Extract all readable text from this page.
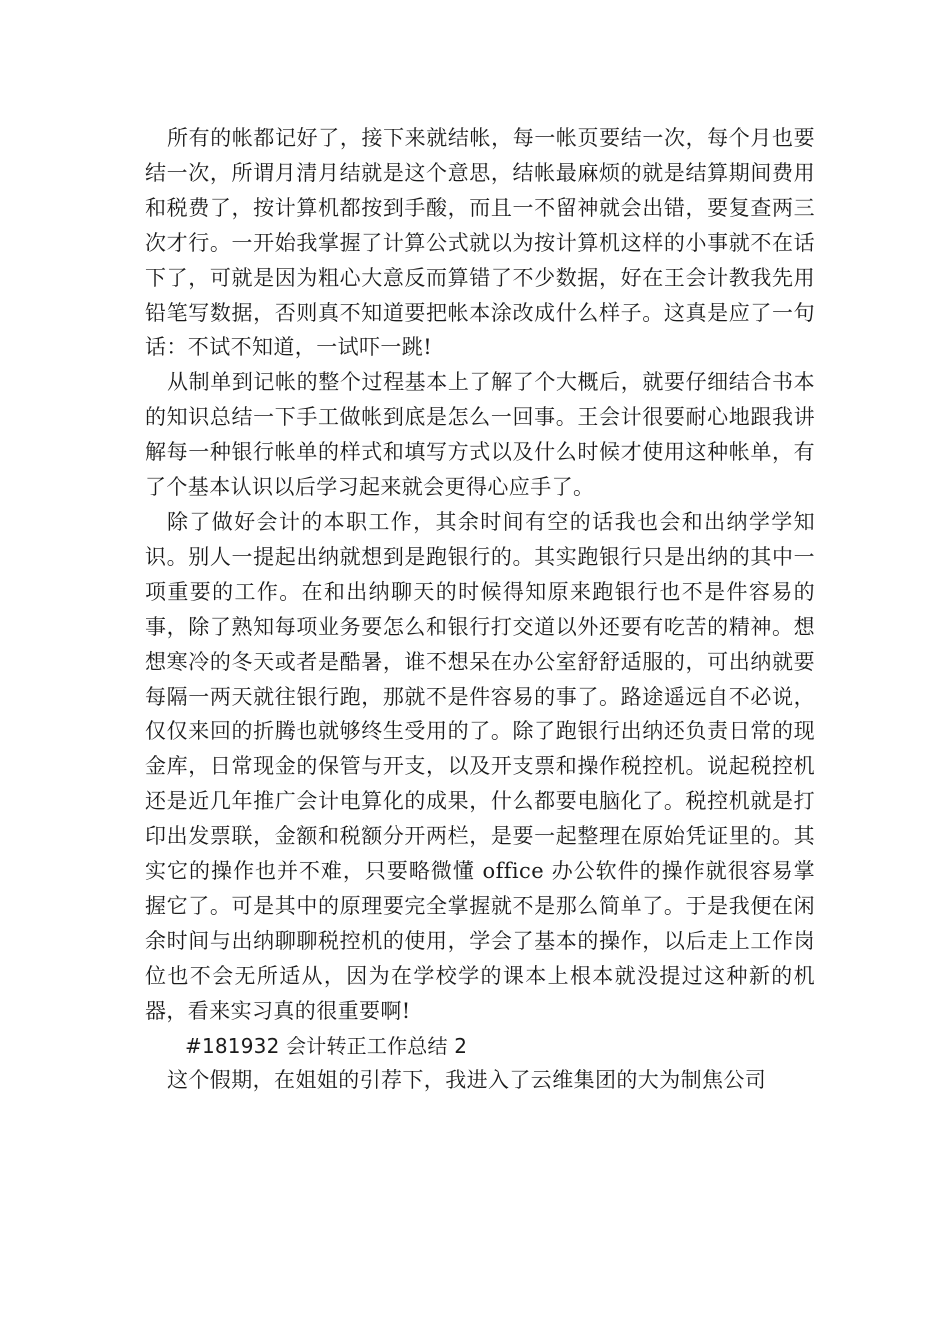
所有的帐都记好了，接下来就结帐，每一帐页要结一次，每个月也要结一次，所谓月清月结就是这个意思，结帐最麻烦的就是结算期间费用和税费了，按计算机都按到手酸，而且一不留神就会出错，要复查两三次才行。一开始我掌握了计算公式就以为按计算机这样的小事就不在话下了，可就是因为粗心大意反而算错了不少数据，好在王会计教我先用铅笔写数据，否则真不知道要把帐本涂改成什么样子。这真是应了一句话：不试不知道，一试吓一跳!

从制单到记帐的整个过程基本上了解了个大概后，就要仔细结合书本的知识总结一下手工做帐到底是怎么一回事。王会计很要耐心地跟我讲解每一种银行帐单的样式和填写方式以及什么时候才使用这种帐单，有了个基本认识以后学习起来就会更得心应手了。

除了做好会计的本职工作，其余时间有空的话我也会和出纳学学知识。别人一提起出纳就想到是跑银行的。其实跑银行只是出纳的其中一项重要的工作。在和出纳聊天的时候得知原来跑银行也不是件容易的事，除了熟知每项业务要怎么和银行打交道以外还要有吃苦的精神。想想寒冷的冬天或者是酷暑，谁不想呆在办公室舒舒适服的，可出纳就要每隔一两天就往银行跑，那就不是件容易的事了。路途遥远自不必说，仅仅来回的折腾也就够终生受用的了。除了跑银行出纳还负责日常的现金库，日常现金的保管与开支，以及开支票和操作税控机。说起税控机还是近几年推广会计电算化的成果，什么都要电脑化了。税控机就是打印出发票联，金额和税额分开两栏，是要一起整理在原始凭证里的。其实它的操作也并不难，只要略微懂 office 办公软件的操作就很容易掌握它了。可是其中的原理要完全掌握就不是那么简单了。于是我便在闲余时间与出纳聊聊税控机的使用，学会了基本的操作，以后走上工作岗位也不会无所适从，因为在学校学的课本上根本就没提过这种新的机器，看来实习真的很重要啊!

#181932 会计转正工作总结 2

这个假期，在姐姐的引荐下，我进入了云维集团的大为制焦公司
